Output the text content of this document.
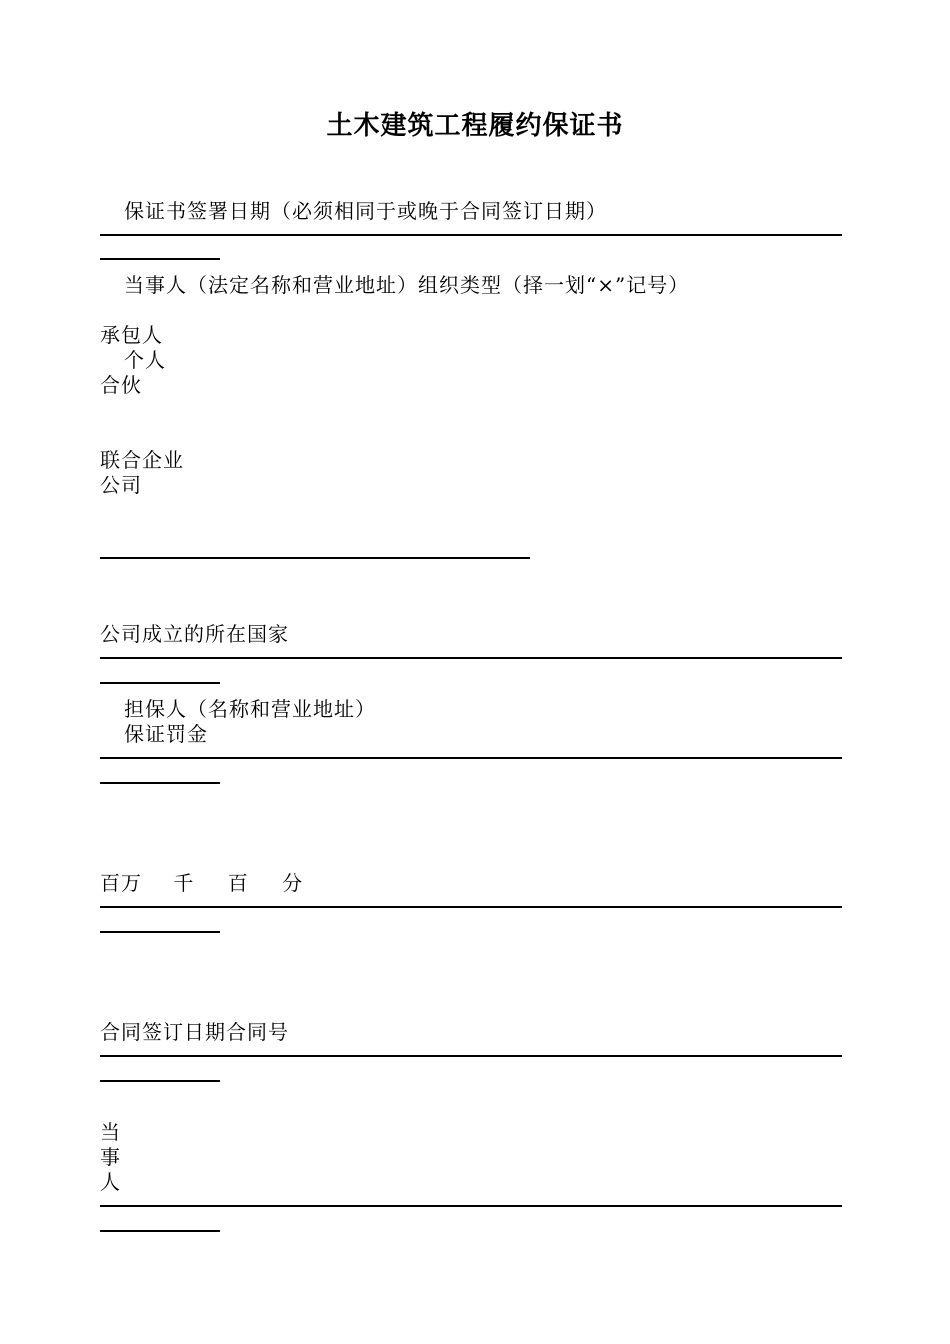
土木建筑工程履约保证书
保证书签署日期（必须相同于或晚于合同签订日期）
当事人（法定名称和营业地址）组织类型（择一划“×”记号）
承包人
个人
合伙
联合企业
公司
公司成立的所在国家
担保人（名称和营业地址）
保证罚金
百万 千 百 分
合同签订日期合同号
当
事
人
